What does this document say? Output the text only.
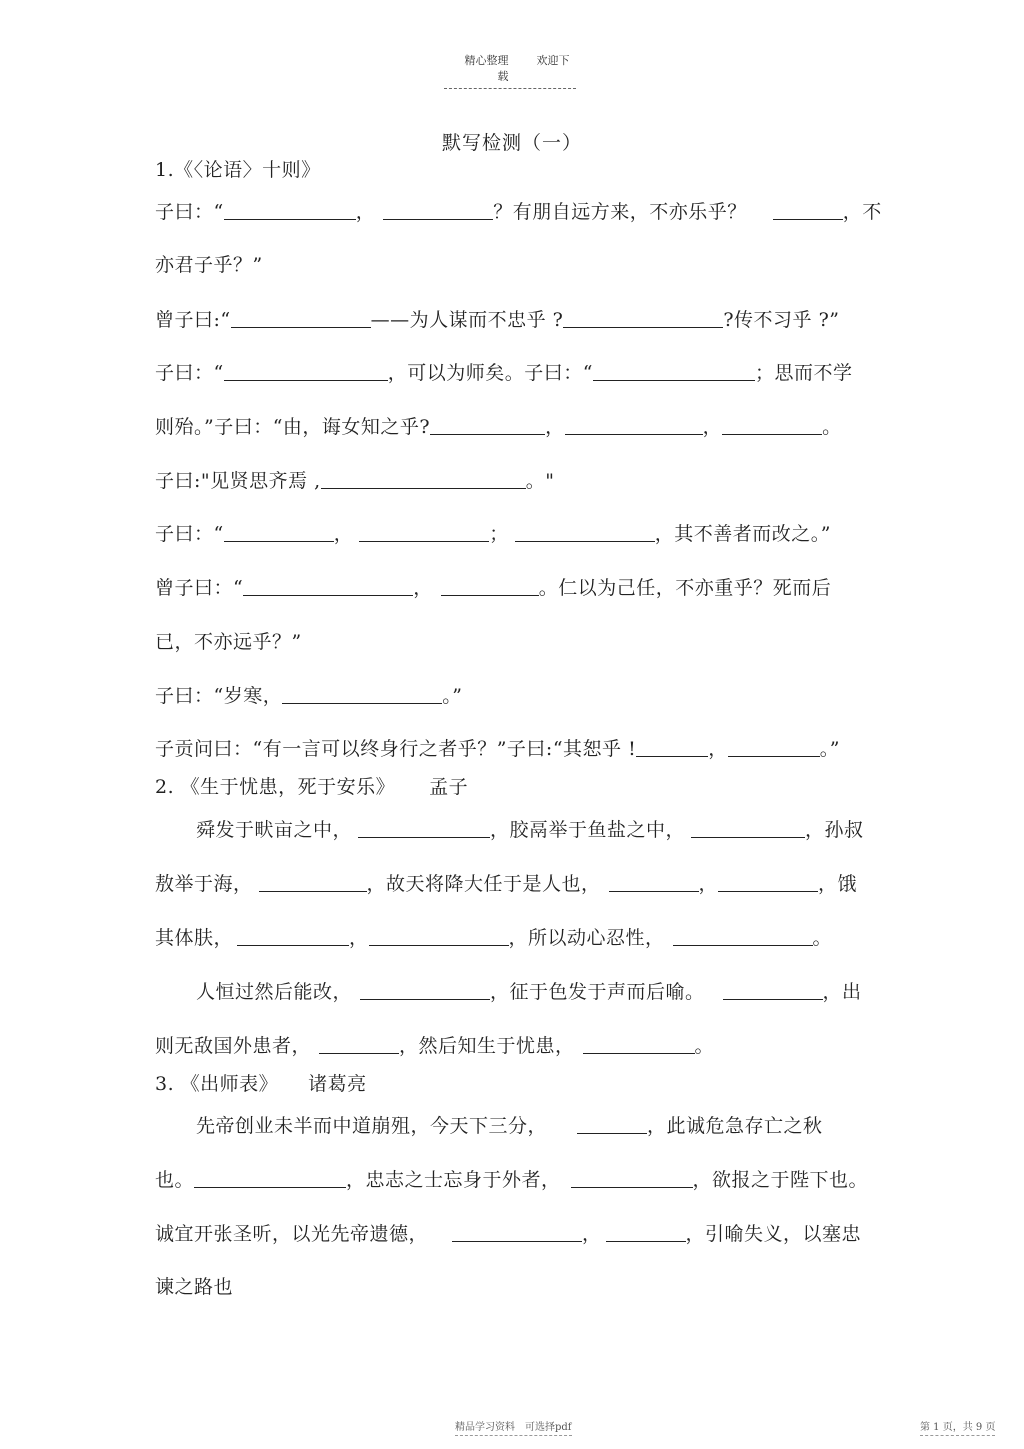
精心整理	欢迎下载
默写检测（一）
1.《〈论语〉十则》
子曰：“	，	？有朋自远方来，不亦乐乎？	，不
亦君子乎？”
曾子曰:“	——为人谋而不忠乎 ?	?传不习乎 ?”
子曰：“	，可以为师矣。子曰：“	；思而不学
则殆。”子曰：“由，诲女知之乎?	，	，	。
子曰:"见贤思齐焉 ,	。"
子曰：“	，	；	，其不善者而改之。”
曾子曰：“	，	。仁以为己任，不亦重乎？死而后
已，不亦远乎？”
子曰：“岁寒，	。”
子贡问曰：“有一言可以终身行之者乎？”子曰:“其恕乎 !	，	。”
2. 《生于忧患，死于安乐》 孟子
舜发于畎亩之中，	，胶鬲举于鱼盐之中，	，孙叔
敖举于海，	，故天将降大任于是人也，	，	，饿
其体肤，	，	，所以动心忍性，	。
人恒过然后能改，	，征于色发于声而后喻。	，出
则无敌国外患者，	，然后知生于忧患，	。
3. 《出师表》 诸葛亮
先帝创业未半而中道崩殂，今天下三分，	，此诚危急存亡之秋
也。	，忠志之士忘身于外者，	，欲报之于陛下也。
诚宜开张圣听，以光先帝遗德，	，	，引喻失义，以塞忠
谏之路也
精品学习资料　可选择pdf	第 1 页，共 9 页
